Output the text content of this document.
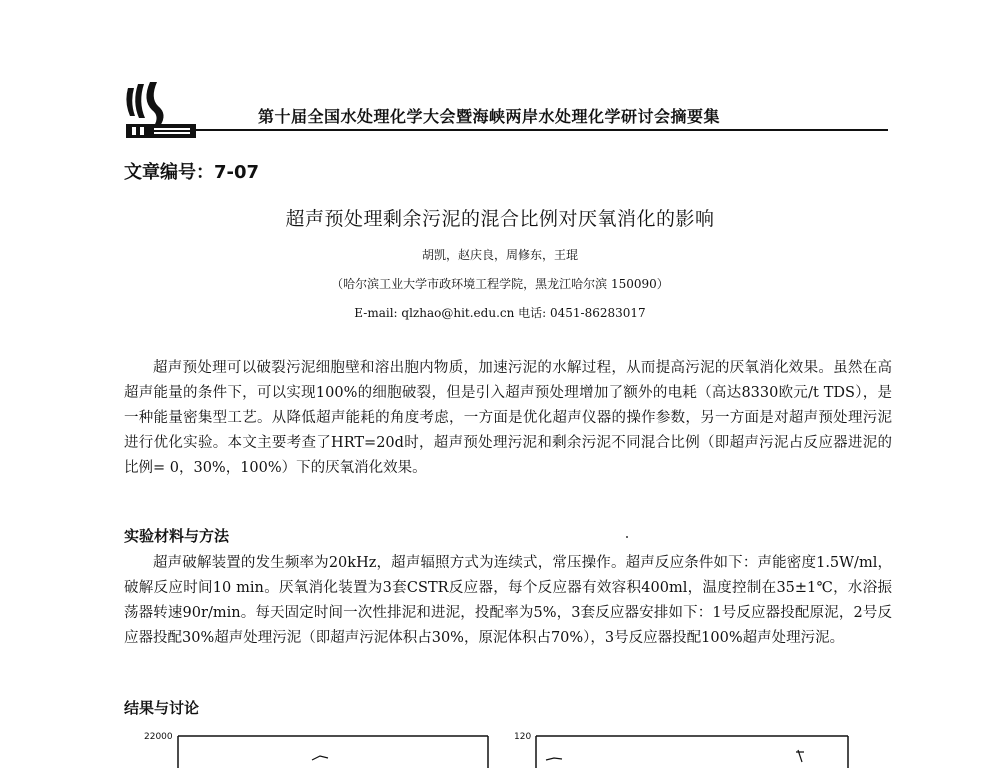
第十届全国水处理化学大会暨海峡两岸水处理化学研讨会摘要集
文章编号：7-07
超声预处理剩余污泥的混合比例对厌氧消化的影响
胡凯，赵庆良，周修东，王琨
（哈尔滨工业大学市政环境工程学院，黑龙江哈尔滨 150090）
E-mail: qlzhao@hit.edu.cn 电话: 0451-86283017

超声预处理可以破裂污泥细胞壁和溶出胞内物质，加速污泥的水解过程，从而提高污泥的厌氧消化效果。虽然在高超声能量的条件下，可以实现100%的细胞破裂，但是引入超声预处理增加了额外的电耗（高达8330欧元/t TDS），是一种能量密集型工艺。从降低超声能耗的角度考虑，一方面是优化超声仪器的操作参数，另一方面是对超声预处理污泥进行优化实验。本文主要考查了HRT=20d时，超声预处理污泥和剩余污泥不同混合比例（即超声污泥占反应器进泥的比例= 0，30%，100%）下的厌氧消化效果。

实验材料与方法

超声破解装置的发生频率为20kHz，超声辐照方式为连续式，常压操作。超声反应条件如下：声能密度1.5W/ml，破解反应时间10 min。厌氧消化装置为3套CSTR反应器，每个反应器有效容积400ml，温度控制在35±1℃，水浴振荡器转速90r/min。每天固定时间一次性排泥和进泥，投配率为5%，3套反应器安排如下：1号反应器投配原泥，2号反应器投配30%超声处理污泥（即超声污泥体积占30%，原泥体积占70%），3号反应器投配100%超声处理污泥。

结果与讨论
22000	120
